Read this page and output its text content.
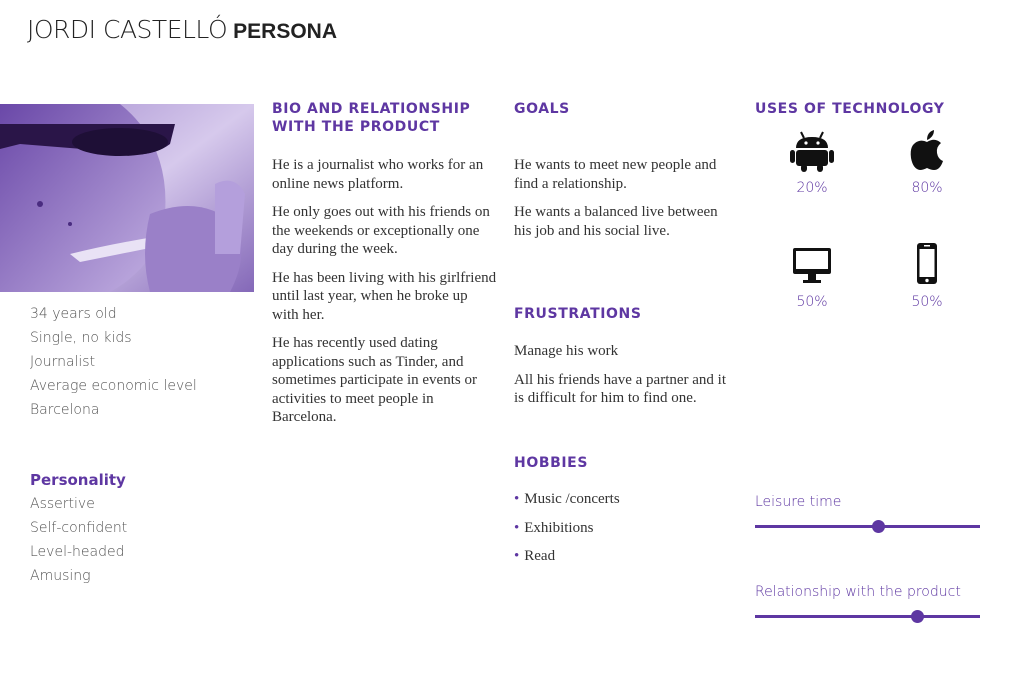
JORDI CASTELLÓ PERSONA
34 years old
Single, no kids
Journalist
Average economic level
Barcelona
Personality
Assertive
Self-confident
Level-headed
Amusing
BIO AND RELATIONSHIP WITH THE PRODUCT

He is a journalist who works for an online news platform.

He only goes out with his friends on the weekends or exceptionally one day during the week.

He has been living with his girlfriend until last year, when he broke up with her.

He has recently used dating applications such as Tinder, and sometimes participate in events or activities to meet people in Barcelona.

GOALS

He wants to meet new people and find a relationship.

He wants a balanced live between his job and his social live.

FRUSTRATIONS

Manage his work

All his friends have a partner and it is difficult for him to find one.

HOBBIES
• Music /concerts
• Exhibitions
• Read
USES OF TECHNOLOGY
20%	80%
50%	50%
Leisure time
Relationship with the product
